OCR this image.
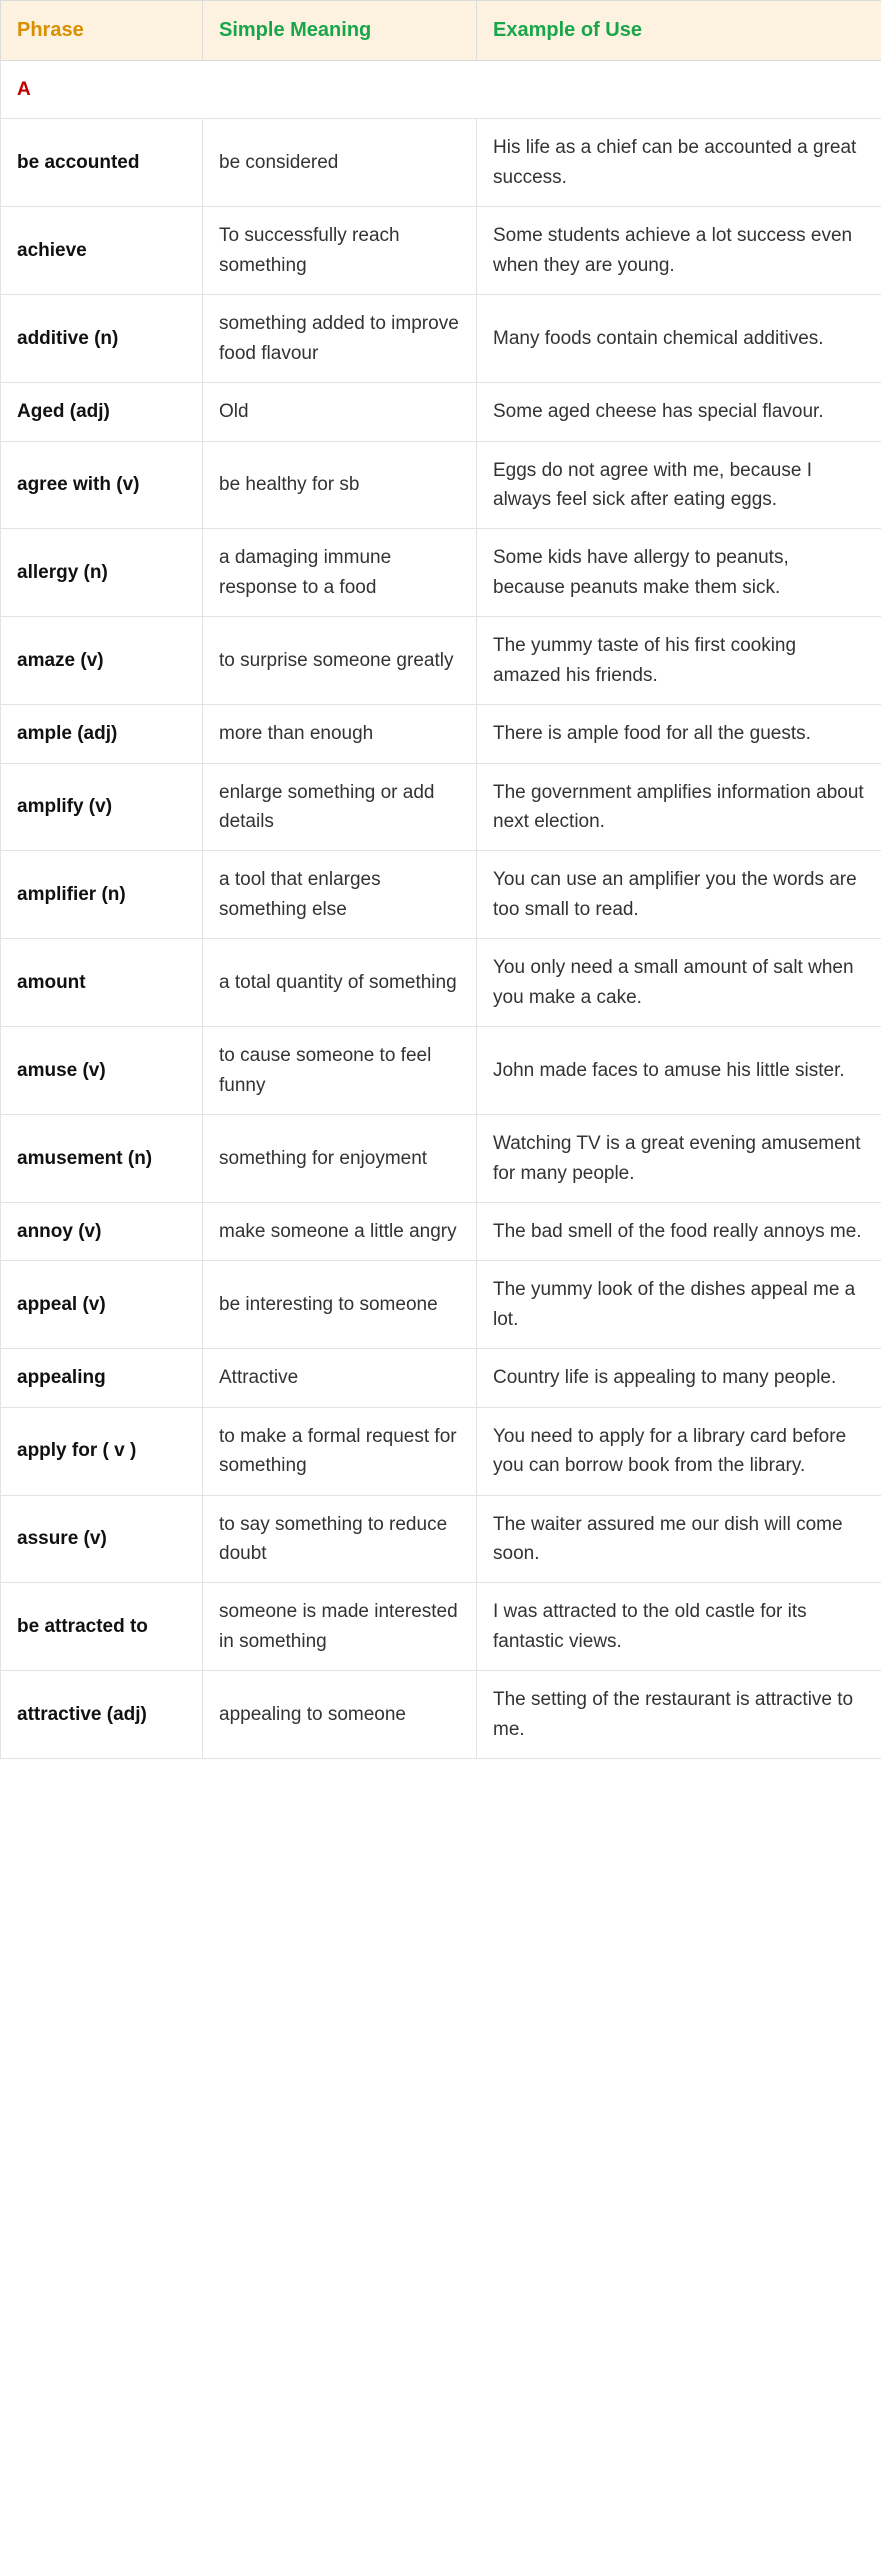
Phrase	Simple Meaning	Example of Use
A		
be accounted	be considered	His life as a chief can be accounted a great success.
achieve	To successfully reach something	Some students achieve a lot success even when they are young.
additive (n)	something added to improve food flavour	Many foods contain chemical additives.
Aged (adj)	Old	Some aged cheese has special flavour.
agree with (v)	be healthy for sb	Eggs do not agree with me, because I always feel sick after eating eggs.
allergy (n)	a damaging immune response to a food	Some kids have allergy to peanuts, because peanuts make them sick.
amaze (v)	to surprise someone greatly	The yummy taste of his first cooking amazed his friends.
ample (adj)	more than enough	There is ample food for all the guests.
amplify (v)	enlarge something or add details	The government amplifies information about next election.
amplifier (n)	a tool that enlarges something else	You can use an amplifier you the words are too small to read.
amount	a total quantity of something	You only need a small amount of salt when you make a cake.
amuse (v)	to cause someone to feel funny	John made faces to amuse his little sister.
amusement (n)	something for enjoyment	Watching TV is a great evening amusement for many people.
annoy (v)	make someone a little angry	The bad smell of the food really annoys me.
appeal (v)	be interesting to someone	The yummy look of the dishes appeal me a lot.
appealing	Attractive	Country life is appealing to many people.
apply for ( v )	to make a formal request for something	You need to apply for a library card before you can borrow book from the library.
assure (v)	to say something to reduce doubt	The waiter assured me our dish will come soon.
be attracted to	someone is made interested in something	I was attracted to the old castle for its fantastic views.
attractive (adj)	appealing to someone	The setting of the restaurant is attractive to me.
